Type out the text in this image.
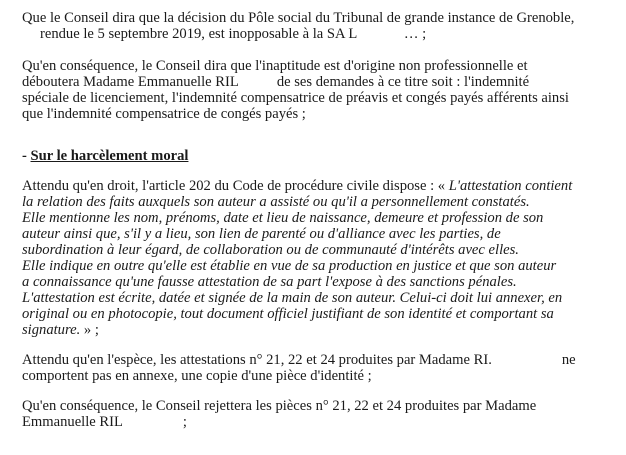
Que le Conseil dira que la décision du Pôle social du Tribunal de grande instance de Grenoble,
rendue le 5 septembre 2019, est inopposable à la SA L	… ;
Qu'en conséquence, le Conseil dira que l'inaptitude est d'origine non professionnelle et
déboutera Madame Emmanuelle RIL	de ses demandes à ce titre soit : l'indemnité
spéciale de licenciement, l'indemnité compensatrice de préavis et congés payés afférents ainsi
que l'indemnité compensatrice de congés payés ;
- Sur le harcèlement moral
Attendu qu'en droit, l'article 202 du Code de procédure civile dispose : « L'attestation contient
la relation des faits auxquels son auteur a assisté ou qu'il a personnellement constatés.
Elle mentionne les nom, prénoms, date et lieu de naissance, demeure et profession de son
auteur ainsi que, s'il y a lieu, son lien de parenté ou d'alliance avec les parties, de
subordination à leur égard, de collaboration ou de communauté d'intérêts avec elles.
Elle indique en outre qu'elle est établie en vue de sa production en justice et que son auteur
a connaissance qu'une fausse attestation de sa part l'expose à des sanctions pénales.
L'attestation est écrite, datée et signée de la main de son auteur. Celui-ci doit lui annexer, en
original ou en photocopie, tout document officiel justifiant de son identité et comportant sa
signature. » ;
Attendu qu'en l'espèce, les attestations n° 21, 22 et 24 produites par Madame RI.	ne
comportent pas en annexe, une copie d'une pièce d'identité ;
Qu'en conséquence, le Conseil rejettera les pièces n° 21, 22 et 24 produites par Madame
Emmanuelle RIL	;
